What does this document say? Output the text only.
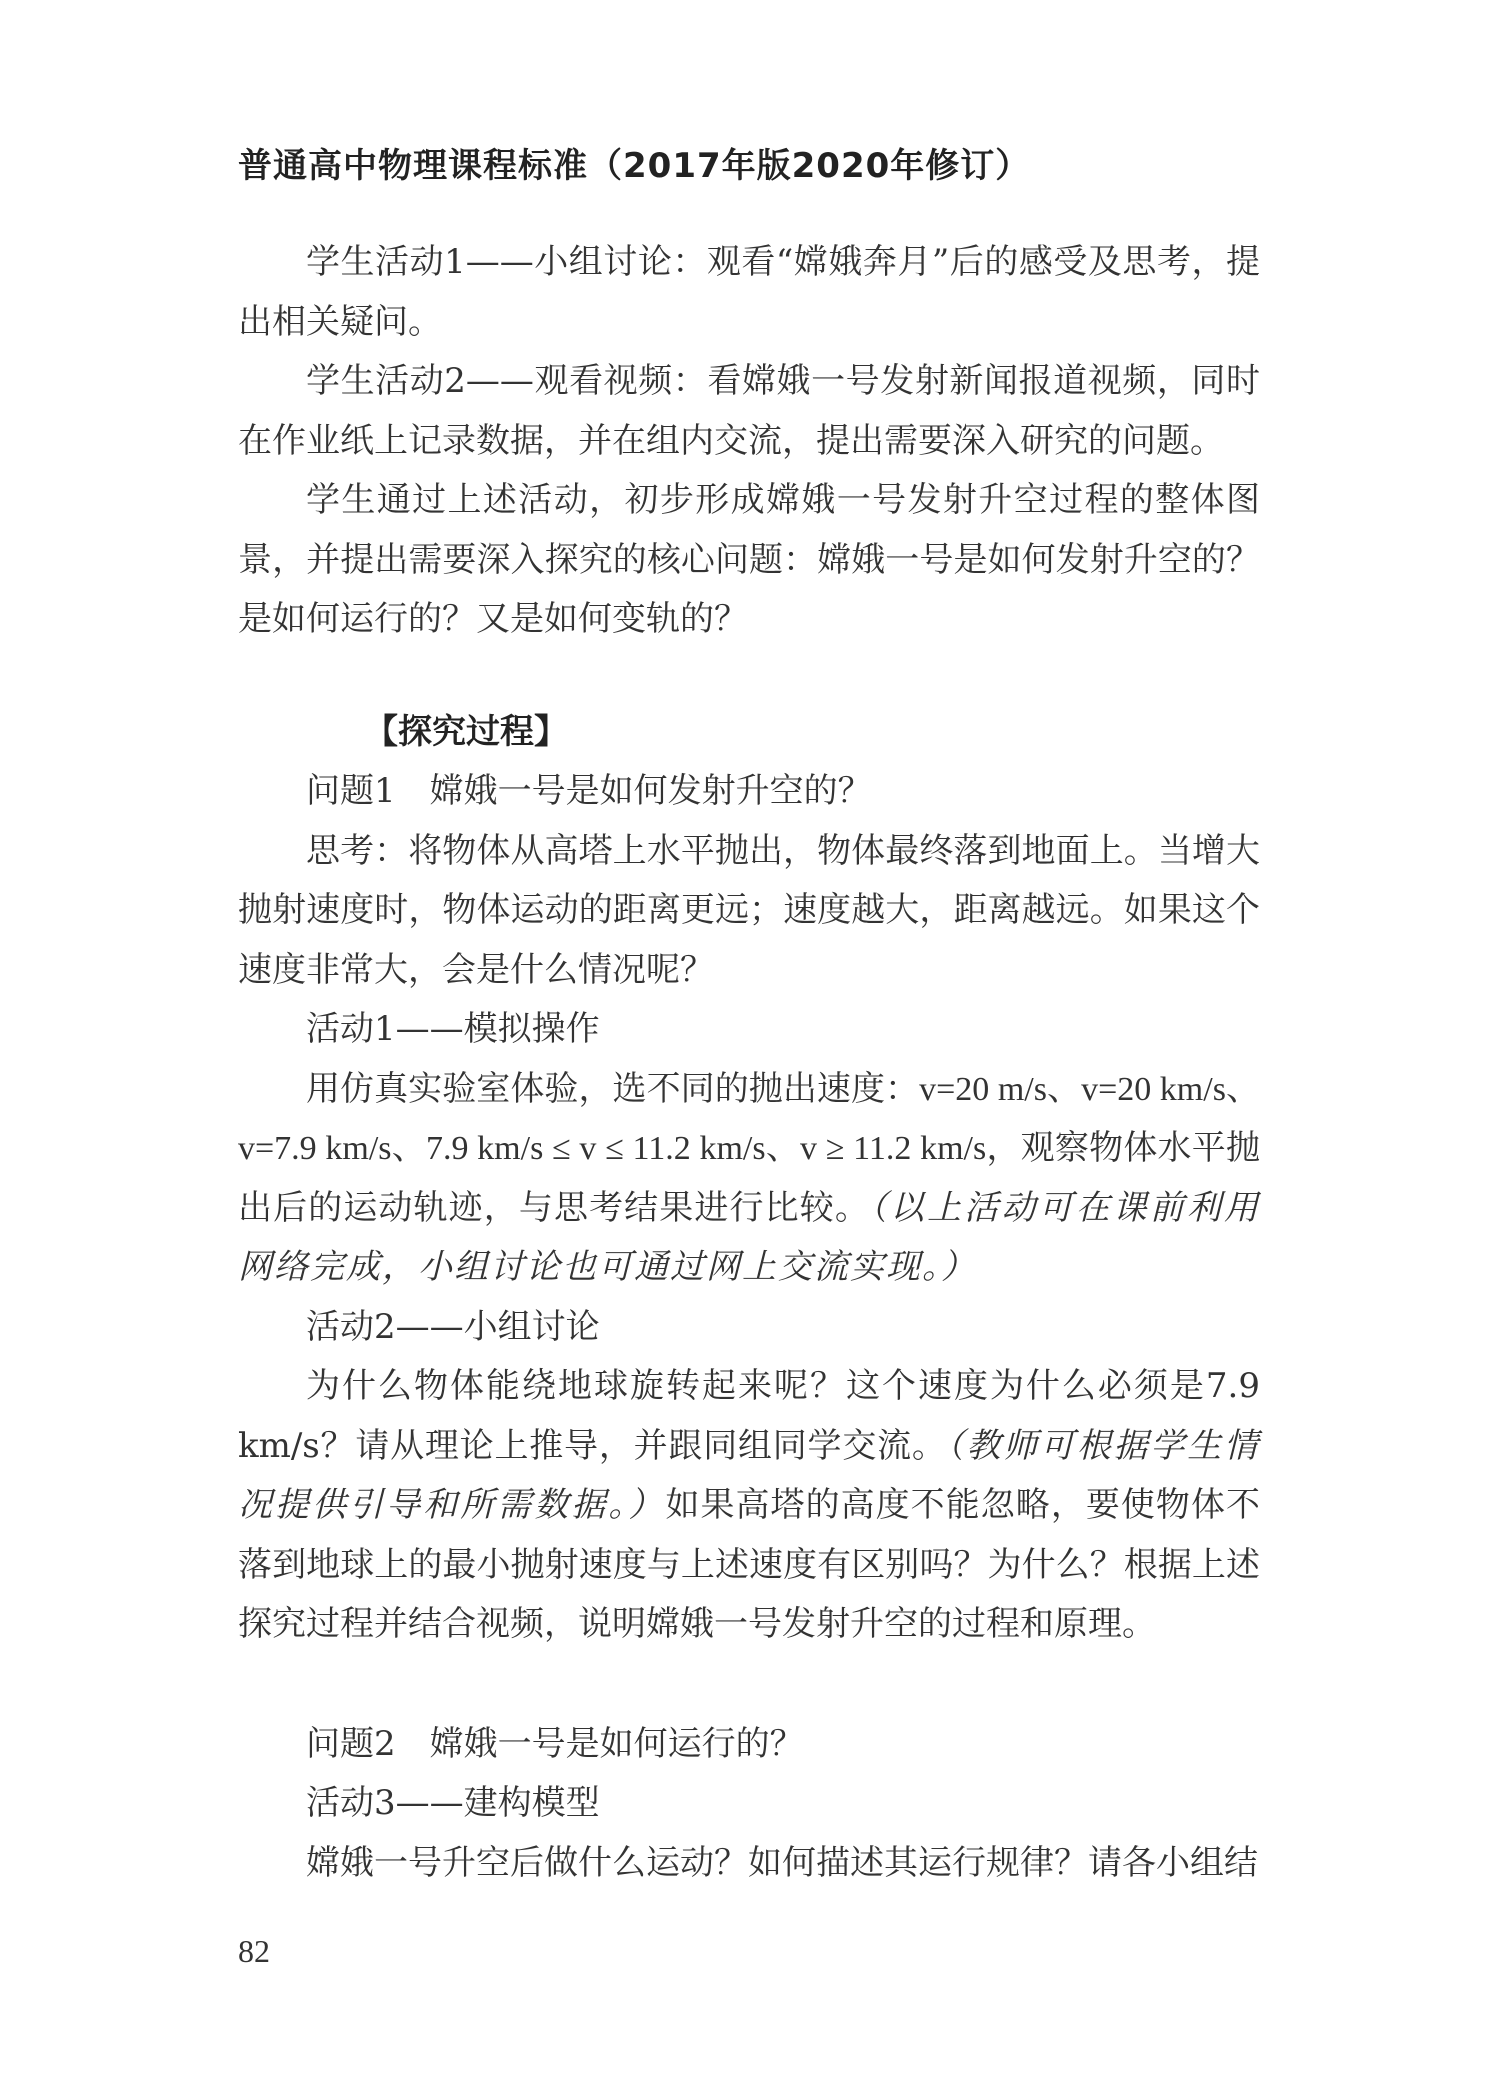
普通高中物理课程标准（2017年版2020年修订）

学生活动1——小组讨论：观看“嫦娥奔月”后的感受及思考，提出相关疑问。

学生活动2——观看视频：看嫦娥一号发射新闻报道视频，同时在作业纸上记录数据，并在组内交流，提出需要深入研究的问题。

学生通过上述活动，初步形成嫦娥一号发射升空过程的整体图景，并提出需要深入探究的核心问题：嫦娥一号是如何发射升空的？是如何运行的？又是如何变轨的？

【探究过程】

问题1　嫦娥一号是如何发射升空的？

思考：将物体从高塔上水平抛出，物体最终落到地面上。当增大抛射速度时，物体运动的距离更远；速度越大，距离越远。如果这个速度非常大，会是什么情况呢？

活动1——模拟操作

用仿真实验室体验，选不同的抛出速度：v=20 m/s、v=20 km/s、v=7.9 km/s、7.9 km/s ≤ v ≤ 11.2 km/s、v ≥ 11.2 km/s，观察物体水平抛出后的运动轨迹，与思考结果进行比较。（以上活动可在课前利用网络完成，小组讨论也可通过网上交流实现。）

活动2——小组讨论

为什么物体能绕地球旋转起来呢？这个速度为什么必须是7.9 km/s？请从理论上推导，并跟同组同学交流。（教师可根据学生情况提供引导和所需数据。）如果高塔的高度不能忽略，要使物体不落到地球上的最小抛射速度与上述速度有区别吗？为什么？根据上述探究过程并结合视频，说明嫦娥一号发射升空的过程和原理。

问题2　嫦娥一号是如何运行的？

活动3——建构模型

嫦娥一号升空后做什么运动？如何描述其运行规律？请各小组结

82
